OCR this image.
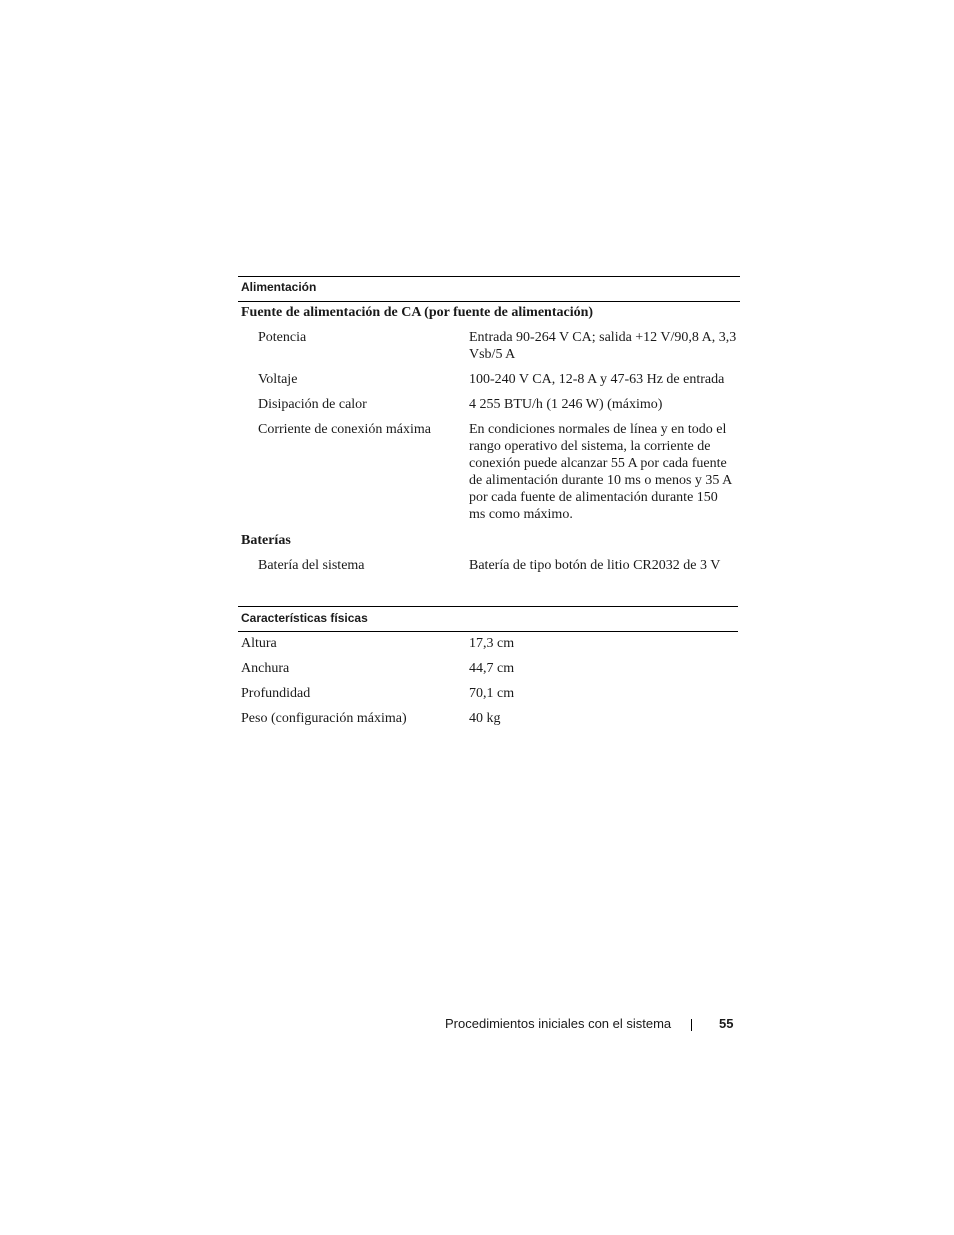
Alimentación
Fuente de alimentación de CA (por fuente de alimentación)
Potencia	Entrada 90-264 V CA; salida +12 V/90,8 A, 3,3 Vsb/5 A
Voltaje	100-240 V CA, 12-8 A y 47-63 Hz de entrada
Disipación de calor	4 255 BTU/h (1 246 W) (máximo)
Corriente de conexión máxima	En condiciones normales de línea y en todo el rango operativo del sistema, la corriente de conexión puede alcanzar 55 A por cada fuente de alimentación durante 10 ms o menos y 35 A por cada fuente de alimentación durante 150 ms como máximo.
Baterías
Batería del sistema	Batería de tipo botón de litio CR2032 de 3 V
Características físicas
Altura	17,3 cm
Anchura	44,7 cm
Profundidad	70,1 cm
Peso (configuración máxima)	40 kg
Procedimientos iniciales con el sistema	55
